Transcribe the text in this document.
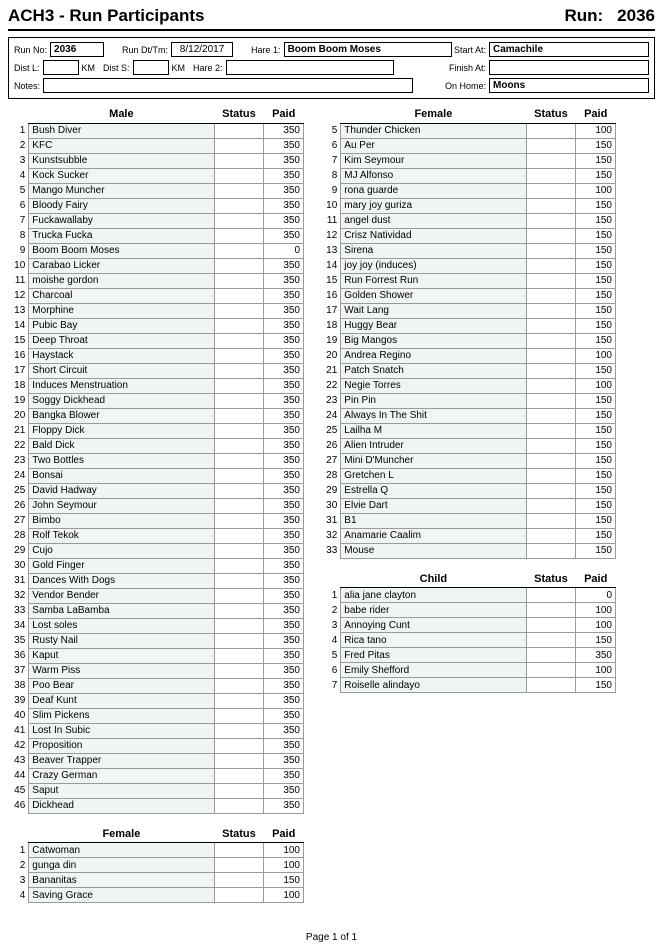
ACH3 - Run Participants	Run: 2036
Run No: 2036	Run Dt/Tm:	8/12/2017	Hare 1: Boom Boom Moses	Start At: Camachile
Dist L:	KM Dist S:	KM Hare 2:	Finish At:
Notes:	On Home: Moons
	Male	Status	Paid
1	Bush Diver		350
2	KFC		350
3	Kunstsubble		350
4	Kock Sucker		350
5	Mango Muncher		350
6	Bloody Fairy		350
7	Fuckawallaby		350
8	Truckа Fucka		350
9	Boom Boom Moses		0
10	Carabao Licker		350
11	moishe gordon		350
12	Charcoal		350
13	Morphine		350
14	Pubic Bay		350
15	Deep Throat		350
16	Haystack		350
17	Short Circuit		350
18	Induces Menstruation		350
19	Soggy Dickhead		350
20	Bangka Blower		350
21	Floppy Dick		350
22	Bald Dick		350
23	Two Bottles		350
24	Bonsai		350
25	David Hadway		350
26	John Seymour		350
27	Bimbo		350
28	Rolf Tekok		350
29	Cujo		350
30	Gold Finger		350
31	Dances With Dogs		350
32	Vendor Bender		350
33	Samba LaBamba		350
34	Lost soles		350
35	Rusty Nail		350
36	Kaput		350
37	Warm Piss		350
38	Poo Bear		350
39	Deaf Kunt		350
40	Slim Pickens		350
41	Lost In Subic		350
42	Proposition		350
43	Beaver Trapper		350
44	Crazy German		350
45	Saput		350
46	Dickhead		350
	Female	Status	Paid
1	Catwoman		100
2	gunga din		100
3	Bananitas		150
4	Saving Grace		100
	Female	Status	Paid
5	Thunder Chicken		100
6	Au Per		150
7	Kim Seymour		150
8	MJ Alfonso		150
9	rona guarde		100
10	mary joy guriza		150
11	angel dust		150
12	Crisz Natividad		150
13	Sirena		150
14	joy joy (induces)		150
15	Run Forrest Run		150
16	Golden Shower		150
17	Wait Lang		150
18	Huggy Bear		150
19	Big Mangos		150
20	Andrea Regino		100
21	Patch Snatch		150
22	Negie Torres		100
23	Pin Pin		150
24	Always In The Shit		150
25	Lailha M		150
26	Alien Intruder		150
27	Mini D'Muncher		150
28	Gretchen L		150
29	Estrella Q		150
30	Elvie Dart		150
31	B1		150
32	Anamarie Caalim		150
33	Mouse		150
	Child	Status	Paid
1	alia jane clayton		0
2	babe rider		100
3	Annoying Cunt		100
4	Rica tano		150
5	Fred Pitas		350
6	Emily Shefford		100
7	Roiselle alindayo		150
Page 1 of 1
